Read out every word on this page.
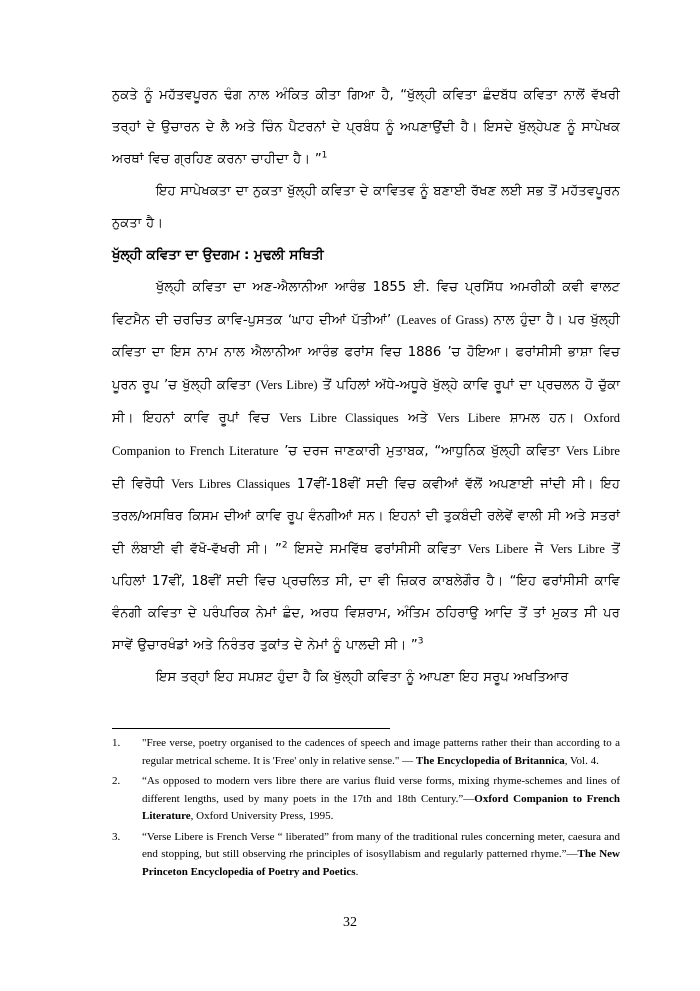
ਨੁਕਤੇ ਨੂੰ ਮਹੱਤਵਪੂਰਨ ਢੰਗ ਨਾਲ ਅੰਕਿਤ ਕੀਤਾ ਗਿਆ ਹੈ, “ਖੁੱਲ੍ਹੀ ਕਵਿਤਾ ਛੰਦਬੱਧ ਕਵਿਤਾ ਨਾਲੋਂ ਵੱਖਰੀ ਤਰ੍ਹਾਂ ਦੇ ਉਚਾਰਨ ਦੇ ਲੈ ਅਤੇ ਚਿੰਨ ਪੈਟਰਨਾਂ ਦੇ ਪ੍ਰਬੰਧ ਨੂੰ ਅਪਣਾਉਂਦੀ ਹੈ। ਇਸਦੇ ਖੁੱਲ੍ਹੇਪਣ ਨੂੰ ਸਾਪੇਖਕ ਅਰਥਾਂ ਵਿਚ ਗ੍ਰਹਿਣ ਕਰਨਾ ਚਾਹੀਦਾ ਹੈ। ”$^1$

ਇਹ ਸਾਪੇਖਕਤਾ ਦਾ ਨੁਕਤਾ ਖੁੱਲ੍ਹੀ ਕਵਿਤਾ ਦੇ ਕਾਵਿਤਵ ਨੂੰ ਬਣਾਈ ਰੱਖਣ ਲਈ ਸਭ ਤੋਂ ਮਹੱਤਵਪੂਰਨ ਨੁਕਤਾ ਹੈ।

ਖੁੱਲ੍ਹੀ ਕਵਿਤਾ ਦਾ ਉਦਗਮ : ਮੁਢਲੀ ਸਥਿਤੀ

ਖੁੱਲ੍ਹੀ ਕਵਿਤਾ ਦਾ ਅਣ-ਐਲਾਨੀਆ ਆਰੰਭ 1855 ਈ. ਵਿਚ ਪ੍ਰਸਿੱਧ ਅਮਰੀਕੀ ਕਵੀ ਵਾਲਟ ਵਿਟਮੈਨ ਦੀ ਚਰਚਿਤ ਕਾਵਿ-ਪੁਸਤਕ ‘ਘਾਹ ਦੀਆਂ ਪੱਤੀਆਂ’ (Leaves of Grass) ਨਾਲ ਹੁੰਦਾ ਹੈ। ਪਰ ਖੁੱਲ੍ਹੀ ਕਵਿਤਾ ਦਾ ਇਸ ਨਾਮ ਨਾਲ ਐਲਾਨੀਆ ਆਰੰਭ ਫਰਾਂਸ ਵਿਚ 1886 ’ਚ ਹੋਇਆ। ਫਰਾਂਸੀਸੀ ਭਾਸ਼ਾ ਵਿਚ ਪੂਰਨ ਰੂਪ ’ਚ ਖੁੱਲ੍ਹੀ ਕਵਿਤਾ (Vers Libre) ਤੋਂ ਪਹਿਲਾਂ ਅੱਧੇ-ਅਧੂਰੇ ਖੁੱਲ੍ਹੇ ਕਾਵਿ ਰੂਪਾਂ ਦਾ ਪ੍ਰਚਲਨ ਹੋ ਚੁੱਕਾ ਸੀ। ਇਹਨਾਂ ਕਾਵਿ ਰੂਪਾਂ ਵਿਚ Vers Libre Classiques ਅਤੇ Vers Libere ਸ਼ਾਮਲ ਹਨ। Oxford Companion to French Literature ’ਚ ਦਰਜ ਜਾਣਕਾਰੀ ਮੁਤਾਬਕ, “ਆਧੁਨਿਕ ਖੁੱਲ੍ਹੀ ਕਵਿਤਾ Vers Libre ਦੀ ਵਿਰੋਧੀ Vers Libres Classiques 17ਵੀਂ-18ਵੀਂ ਸਦੀ ਵਿਚ ਕਵੀਆਂ ਵੱਲੋਂ ਅਪਣਾਈ ਜਾਂਦੀ ਸੀ। ਇਹ ਤਰਲ/ਅਸਥਿਰ ਕਿਸਮ ਦੀਆਂ ਕਾਵਿ ਰੂਪ ਵੰਨਗੀਆਂ ਸਨ। ਇਹਨਾਂ ਦੀ ਤੁਕਬੰਦੀ ਰਲੇਵੇਂ ਵਾਲੀ ਸੀ ਅਤੇ ਸਤਰਾਂ ਦੀ ਲੰਬਾਈ ਵੀ ਵੱਖੋ-ਵੱਖਰੀ ਸੀ। ”$^2$ ਇਸਦੇ ਸਮਵਿੱਥ ਫਰਾਂਸੀਸੀ ਕਵਿਤਾ Vers Libere ਜੋ Vers Libre ਤੋਂ ਪਹਿਲਾਂ 17ਵੀਂ, 18ਵੀਂ ਸਦੀ ਵਿਚ ਪ੍ਰਚਲਿਤ ਸੀ, ਦਾ ਵੀ ਜ਼ਿਕਰ ਕਾਬਲੇਗੌਰ ਹੈ। “ਇਹ ਫਰਾਂਸੀਸੀ ਕਾਵਿ ਵੰਨਗੀ ਕਵਿਤਾ ਦੇ ਪਰੰਪਰਿਕ ਨੇਮਾਂ ਛੰਦ, ਅਰਧ ਵਿਸ਼ਰਾਮ, ਅੰਤਿਮ ਠਹਿਰਾਉ ਆਦਿ ਤੋਂ ਤਾਂ ਮੁਕਤ ਸੀ ਪਰ ਸਾਵੇਂ ਉਚਾਰਖੰਡਾਂ ਅਤੇ ਨਿਰੰਤਰ ਤੁਕਾਂਤ ਦੇ ਨੇਮਾਂ ਨੂੰ ਪਾਲਦੀ ਸੀ। ”$^3$

ਇਸ ਤਰ੍ਹਾਂ ਇਹ ਸਪਸ਼ਟ ਹੁੰਦਾ ਹੈ ਕਿ ਖੁੱਲ੍ਹੀ ਕਵਿਤਾ ਨੂੰ ਆਪਣਾ ਇਹ ਸਰੂਪ ਅਖਤਿਆਰ

1.	"Free verse, poetry organised to the cadences of speech and image patterns rather their than according to a regular metrical scheme. It is 'Free' only in relative sense." — The Encyclopedia of Britannica, Vol. 4.
2.	“As opposed to modern vers libre there are varius fluid verse forms, mixing rhyme-schemes and lines of different lengths, used by many poets in the 17th and 18th Century.”—Oxford Companion to French Literature, Oxford University Press, 1995.
3.	“Verse Libere is French Verse “ liberated” from many of the traditional rules concerning meter, caesura and end stopping, but still observing rhe principles of isosyllabism and regularly patterned rhyme.”—The New Princeton Encyclopedia of Poetry and Poetics.
32
